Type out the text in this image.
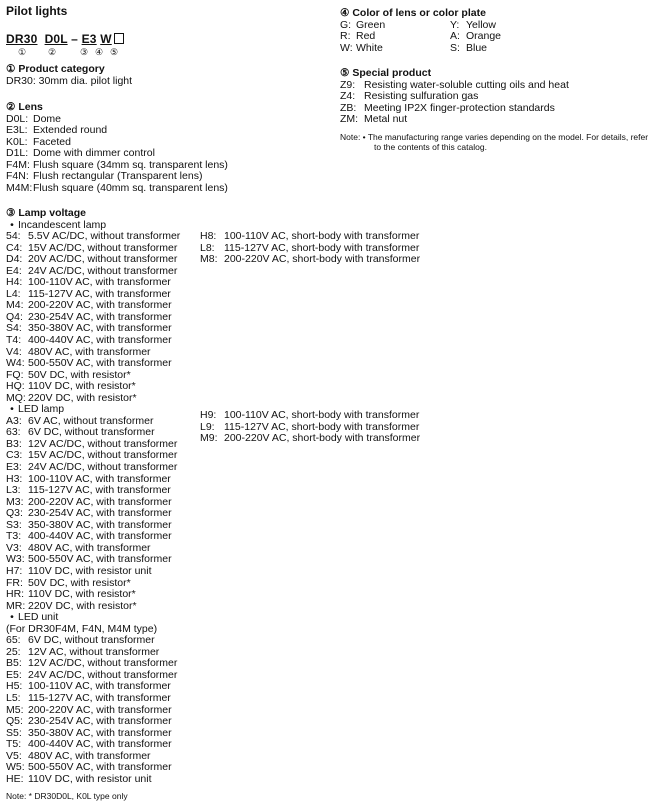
Pilot lights
DR30 D0L – E3 W
① ②	③ ④ ⑤
① Product category
DR30: 30mm dia. pilot light
② Lens
D0L: Dome
E3L: Extended round
K0L: Faceted
D1L: Dome with dimmer control
F4M: Flush square (34mm sq. transparent lens)
F4N: Flush rectangular (Transparent lens)
M4M:Flush square (40mm sq. transparent lens)
③ Lamp voltage
• Incandescent lamp
54: 5.5V AC/DC, without transformer
C4: 15V AC/DC, without transformer
D4: 20V AC/DC, without transformer
E4: 24V AC/DC, without transformer
H4: 100-110V AC, with transformer
L4: 115-127V AC, with transformer
M4: 200-220V AC, with transformer
Q4: 230-254V AC, with transformer
S4: 350-380V AC, with transformer
T4: 400-440V AC, with transformer
V4: 480V AC, with transformer
W4: 500-550V AC, with transformer
FQ: 50V DC, with resistor*
HQ: 110V DC, with resistor*
MQ: 220V DC, with resistor*
• LED lamp
A3: 6V AC, without transformer
63: 6V DC, without transformer
B3: 12V AC/DC, without transformer
C3: 15V AC/DC, without transformer
E3: 24V AC/DC, without transformer
H3: 100-110V AC, with transformer
L3: 115-127V AC, with transformer
M3: 200-220V AC, with transformer
Q3: 230-254V AC, with transformer
S3: 350-380V AC, with transformer
T3: 400-440V AC, with transformer
V3: 480V AC, with transformer
W3: 500-550V AC, with transformer
H7: 110V DC, with resistor unit
FR: 50V DC, with resistor*
HR: 110V DC, with resistor*
MR: 220V DC, with resistor*
• LED unit
(For DR30F4M, F4N, M4M type)
65: 6V DC, without transformer
25: 12V AC, without transformer
B5: 12V AC/DC, without transformer
E5: 24V AC/DC, without transformer
H5: 100-110V AC, with transformer
L5: 115-127V AC, with transformer
M5: 200-220V AC, with transformer
Q5: 230-254V AC, with transformer
S5: 350-380V AC, with transformer
T5: 400-440V AC, with transformer
V5: 480V AC, with transformer
W5: 500-550V AC, with transformer
HE: 110V DC, with resistor unit
Note: * DR30D0L, K0L type only
H8: 100-110V AC, short-body with transformer
L8: 115-127V AC, short-body with transformer
M8: 200-220V AC, short-body with transformer
H9: 100-110V AC, short-body with transformer
L9: 115-127V AC, short-body with transformer
M9: 200-220V AC, short-body with transformer
④ Color of lens or color plate
G: Green	Y: Yellow
R: Red	A: Orange
W: White	S: Blue
⑤ Special product
Z9: Resisting water-soluble cutting oils and heat
Z4: Resisting sulfuration gas
ZB: Meeting IP2X finger-protection standards
ZM: Metal nut
Note: • The manufacturing range varies depending on the model. For details, refer
to the contents of this catalog.
